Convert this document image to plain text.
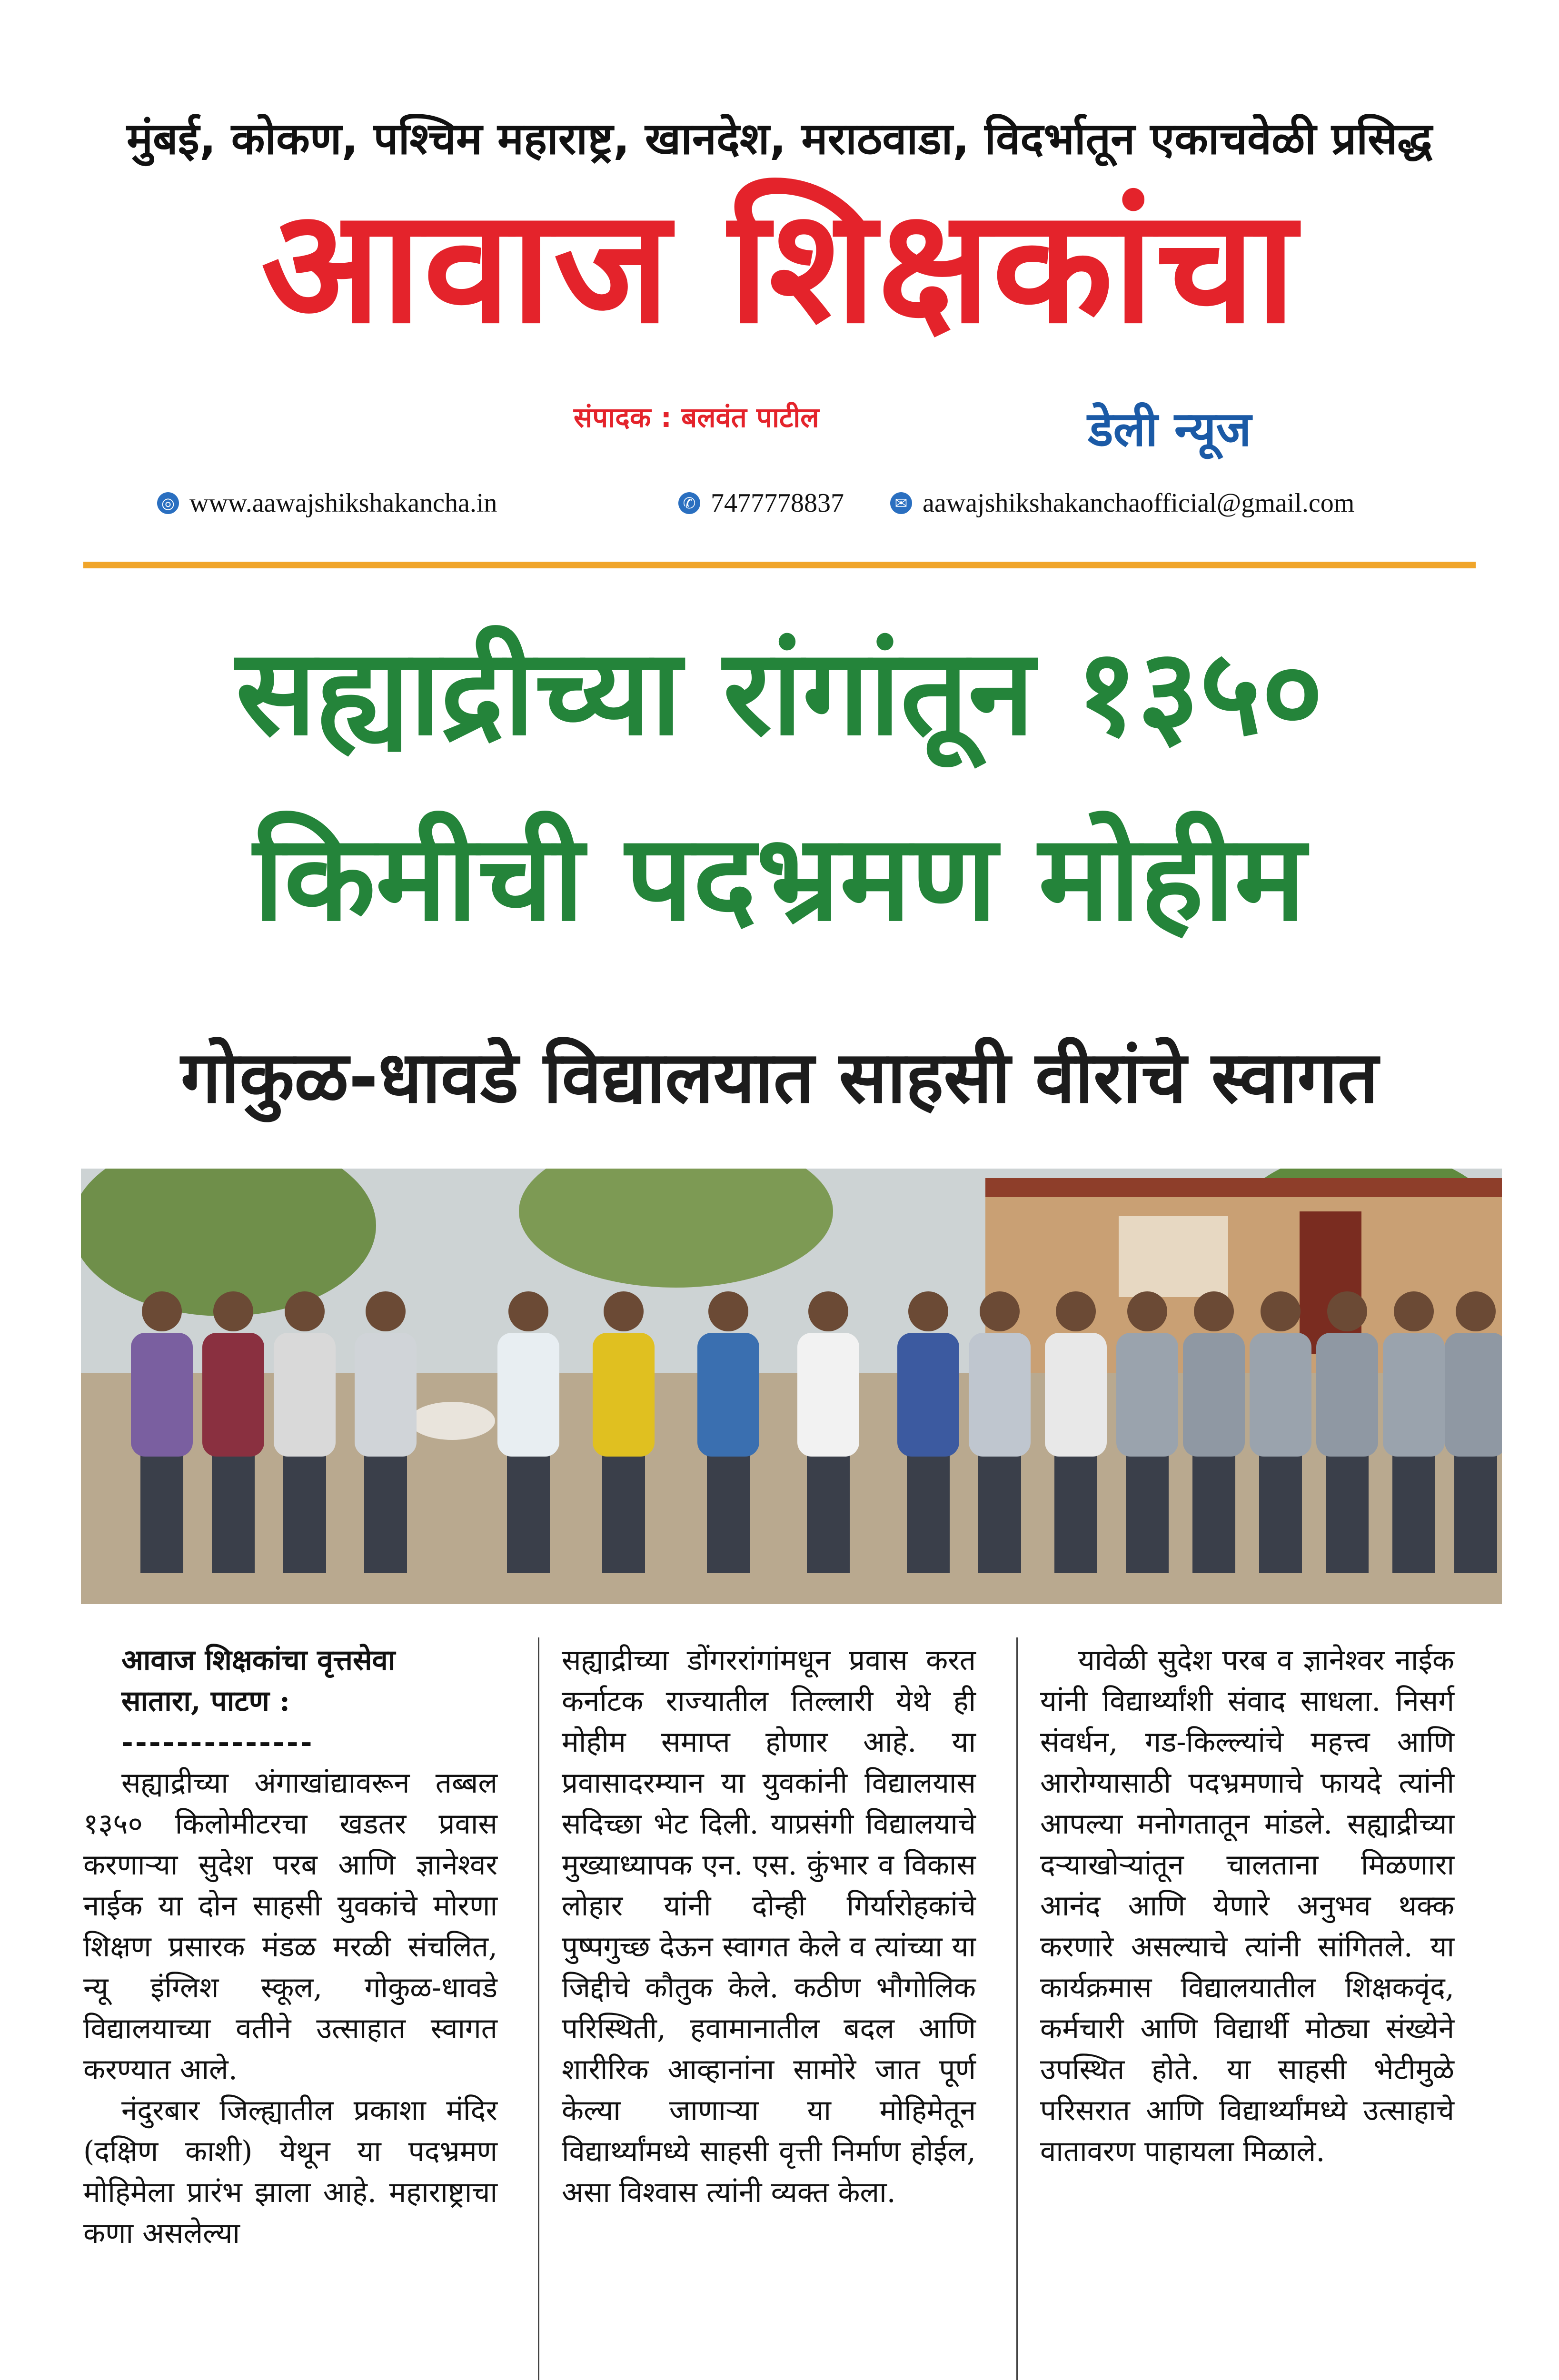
मुंबई, कोकण, पश्चिम महाराष्ट्र, खानदेश, मराठवाडा, विदर्भातून एकाचवेळी प्रसिद्ध
आवाज शिक्षकांचा
संपादक : बलवंत पाटील	डेली न्यूज
◎ www.aawajshikshakancha.in	✆ 7477778837	✉ aawajshikshakanchaofficial@gmail.com
सह्याद्रीच्या रांगांतून १३५०
किमीची पदभ्रमण मोहीम
गोकुळ-धावडे विद्यालयात साहसी वीरांचे स्वागत

आवाज शिक्षकांचा वृत्तसेवा

सातारा, पाटण :

--------------

सह्याद्रीच्या अंगाखांद्यावरून तब्बल १३५० किलोमीटरचा खडतर प्रवास करणाऱ्या सुदेश परब आणि ज्ञानेश्वर नाईक या दोन साहसी युवकांचे मोरणा शिक्षण प्रसारक मंडळ मरळी संचलित, न्यू इंग्लिश स्कूल, गोकुळ-धावडे विद्यालयाच्या वतीने उत्साहात स्वागत करण्यात आले.

नंदुरबार जिल्ह्यातील प्रकाशा मंदिर (दक्षिण काशी) येथून या पदभ्रमण मोहिमेला प्रारंभ झाला आहे. महाराष्ट्राचा कणा असलेल्या

सह्याद्रीच्या डोंगररांगांमधून प्रवास करत कर्नाटक राज्यातील तिल्लारी येथे ही मोहीम समाप्त होणार आहे. या प्रवासादरम्यान या युवकांनी विद्यालयास सदिच्छा भेट दिली. याप्रसंगी विद्यालयाचे मुख्याध्यापक एन. एस. कुंभार व विकास लोहार यांनी दोन्ही गिर्यारोहकांचे पुष्पगुच्छ देऊन स्वागत केले व त्यांच्या या जिद्दीचे कौतुक केले. कठीण भौगोलिक परिस्थिती, हवामानातील बदल आणि शारीरिक आव्हानांना सामोरे जात पूर्ण केल्या जाणाऱ्या या मोहिमेतून विद्यार्थ्यांमध्ये साहसी वृत्ती निर्माण होईल, असा विश्वास त्यांनी व्यक्त केला.

यावेळी सुदेश परब व ज्ञानेश्वर नाईक यांनी विद्यार्थ्यांशी संवाद साधला. निसर्ग संवर्धन, गड-किल्ल्यांचे महत्त्व आणि आरोग्यासाठी पदभ्रमणाचे फायदे त्यांनी आपल्या मनोगतातून मांडले. सह्याद्रीच्या दऱ्याखोऱ्यांतून चालताना मिळणारा आनंद आणि येणारे अनुभव थक्क करणारे असल्याचे त्यांनी सांगितले. या कार्यक्रमास विद्यालयातील शिक्षकवृंद, कर्मचारी आणि विद्यार्थी मोठ्या संख्येने उपस्थित होते. या साहसी भेटीमुळे परिसरात आणि विद्यार्थ्यांमध्ये उत्साहाचे वातावरण पाहायला मिळाले.
